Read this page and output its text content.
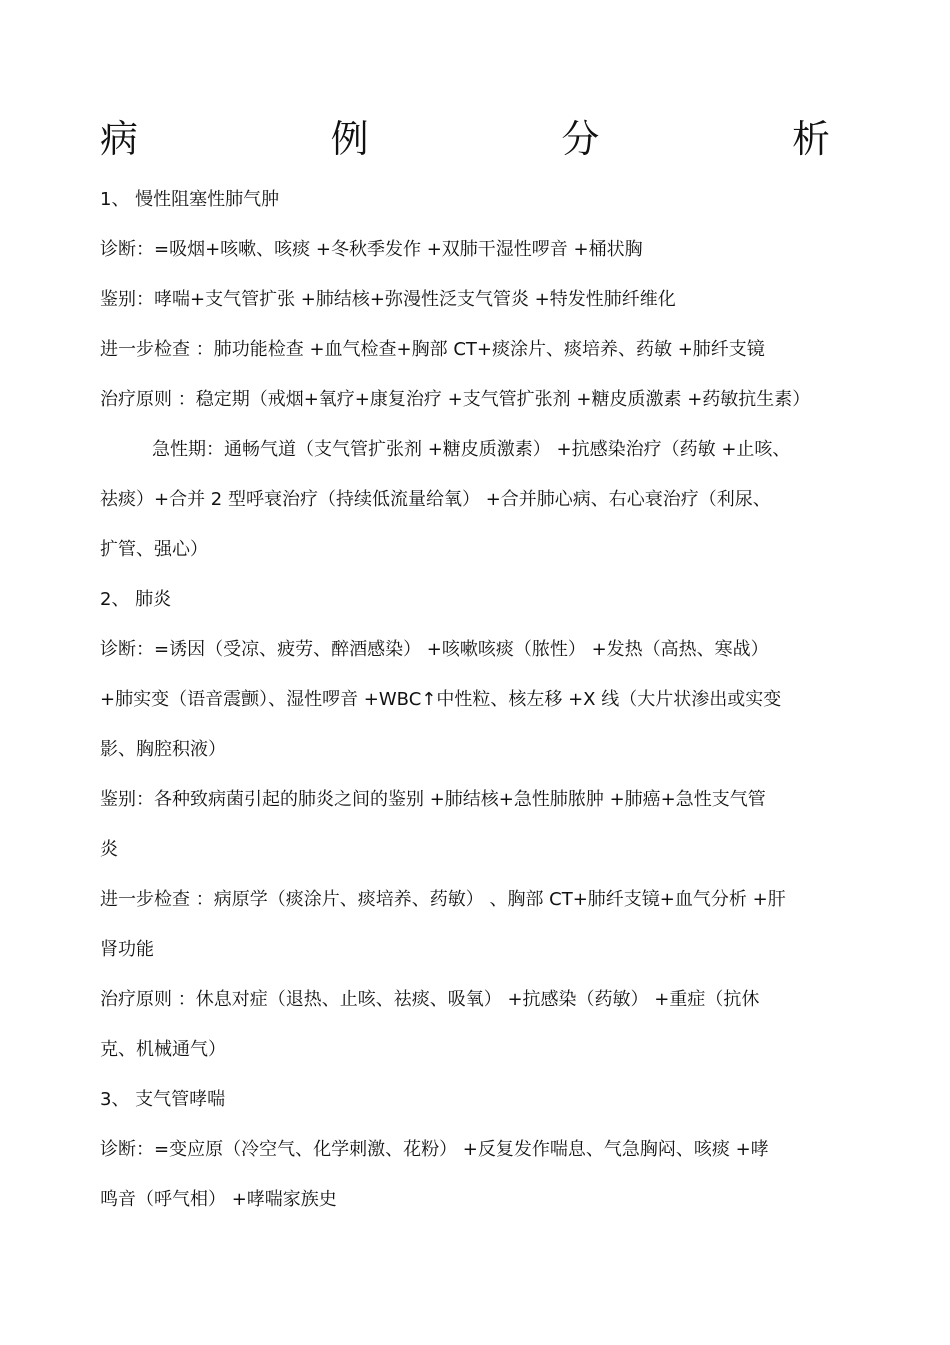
病	例	分	析
1、 慢性阻塞性肺气肿
诊断：=吸烟+咳嗽、咳痰 +冬秋季发作 +双肺干湿性啰音 +桶状胸
鉴别：哮喘+支气管扩张 +肺结核+弥漫性泛支气管炎 +特发性肺纤维化
进一步检查 ：肺功能检查 +血气检查+胸部 CT+痰涂片、痰培养、药敏 +肺纤支镜
治疗原则 ：稳定期（戒烟+氧疗+康复治疗 +支气管扩张剂 +糖皮质激素 +药敏抗生素）
急性期：通畅气道（支气管扩张剂 +糖皮质激素） +抗感染治疗（药敏 +止咳、
祛痰）+合并 2 型呼衰治疗（持续低流量给氧） +合并肺心病、右心衰治疗（利尿、
扩管、强心）
2、 肺炎
诊断：=诱因（受凉、疲劳、醉酒感染） +咳嗽咳痰（脓性） +发热（高热、寒战）
+肺实变（语音震颤）、湿性啰音 +WBC↑中性粒、核左移 +X 线（大片状渗出或实变
影、胸腔积液）
鉴别：各种致病菌引起的肺炎之间的鉴别 +肺结核+急性肺脓肿 +肺癌+急性支气管
炎
进一步检查 ：病原学（痰涂片、痰培养、药敏） 、胸部 CT+肺纤支镜+血气分析 +肝
肾功能
治疗原则 ：休息对症（退热、止咳、祛痰、吸氧） +抗感染（药敏） +重症（抗休
克、机械通气）
3、 支气管哮喘
诊断：=变应原（冷空气、化学刺激、花粉） +反复发作喘息、气急胸闷、咳痰 +哮
鸣音（呼气相） +哮喘家族史
